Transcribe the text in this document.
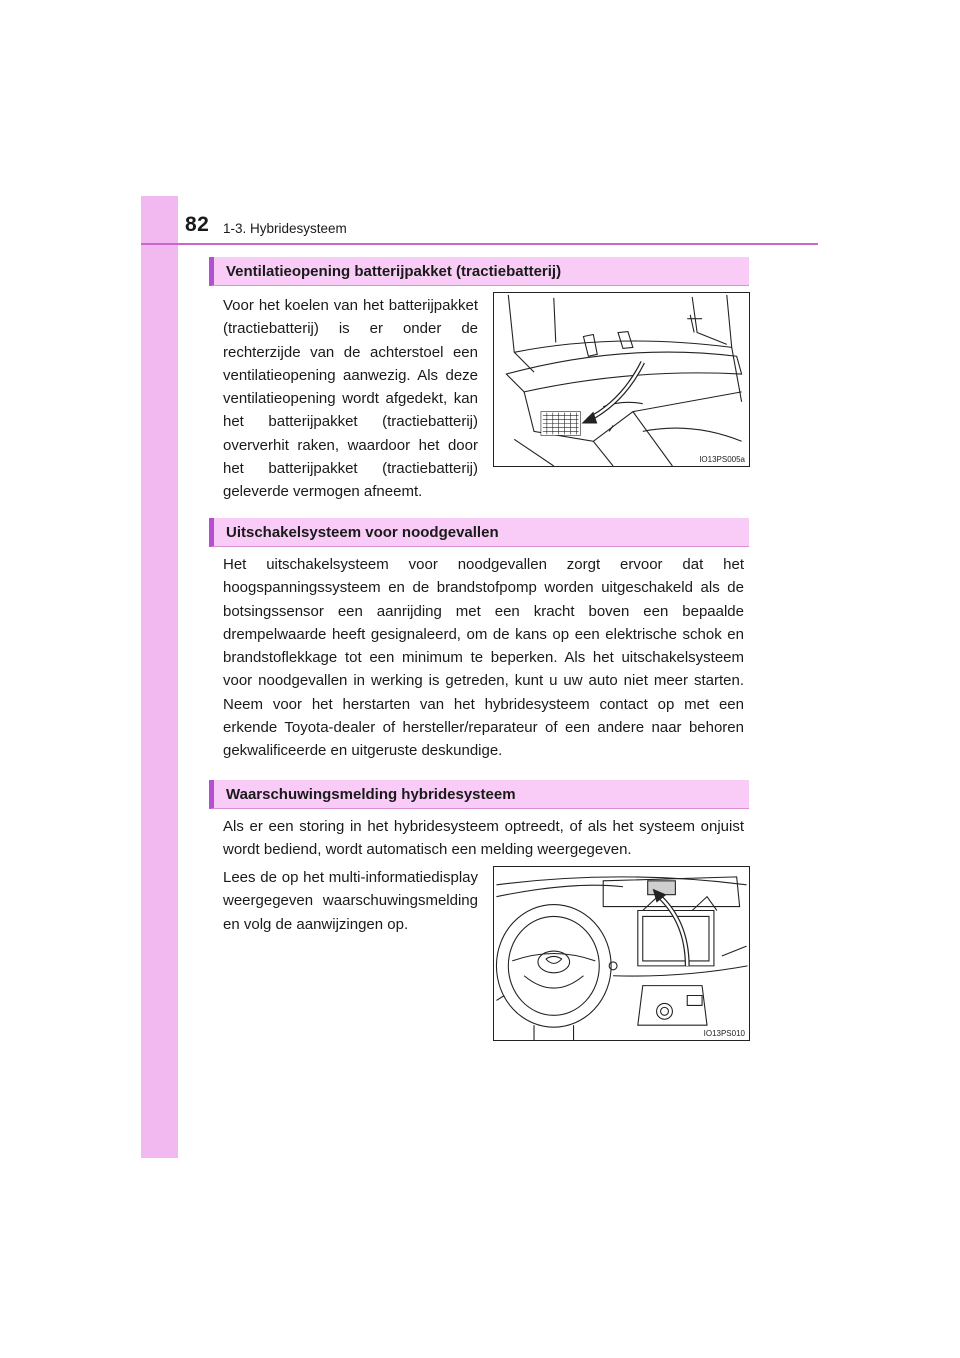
82 1-3. Hybridesysteem
Ventilatieopening batterijpakket (tractiebatterij)

Voor het koelen van het batterijpakket (tractiebatterij) is er onder de rechterzijde van de achterstoel een ventilatieopening aanwezig. Als deze ventilatieopening wordt afgedekt, kan het batterijpakket (tractiebatterij) oververhit raken, waardoor het door het batterijpakket (tractiebatterij) geleverde vermogen afneemt.

IO13PS005a
Uitschakelsysteem voor noodgevallen

Het uitschakelsysteem voor noodgevallen zorgt ervoor dat het hoogspanningssysteem en de brandstofpomp worden uitgeschakeld als de botsingssensor een aanrijding met een kracht boven een bepaalde drempelwaarde heeft gesignaleerd, om de kans op een elektrische schok en brandstoflekkage tot een minimum te beperken. Als het uitschakelsysteem voor noodgevallen in werking is getreden, kunt u uw auto niet meer starten. Neem voor het herstarten van het hybridesysteem contact op met een erkende Toyota-dealer of hersteller/reparateur of een andere naar behoren gekwalificeerde en uitgeruste deskundige.

Waarschuwingsmelding hybridesysteem

Als er een storing in het hybridesysteem optreedt, of als het systeem onjuist wordt bediend, wordt automatisch een melding weergegeven.

Lees de op het multi-informatiedisplay weergegeven waarschuwingsmelding en volg de aanwijzingen op.

IO13PS010
